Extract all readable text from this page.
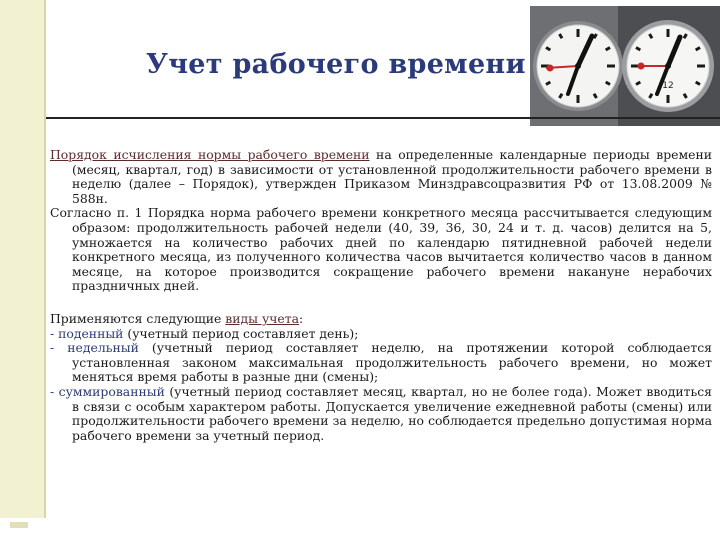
Учет рабочего времени
12

Порядок исчисления нормы рабочего времени на определенные календарные периоды времени (месяц, квартал, год) в зависимости от установленной продолжительности рабочего времени в неделю (далее – Порядок), утвержден Приказом Минздравсоцразвития РФ от 13.08.2009 № 588н.

Согласно п. 1 Порядка норма рабочего времени конкретного месяца рассчитывается следующим образом: продолжительность рабочей недели (40, 39, 36, 30, 24 и т. д. часов) делится на 5, умножается на количество рабочих дней по календарю пятидневной рабочей недели конкретного месяца, из полученного количества часов вычитается количество часов в данном месяце, на которое производится сокращение рабочего времени накануне нерабочих праздничных дней.

Применяются следующие виды учета:

- поденный (учетный период составляет день);

- недельный (учетный период составляет неделю, на протяжении которой соблюдается установленная законом максимальная продолжительность рабочего времени, но может меняться время работы в разные дни (смены);

- суммированный (учетный период составляет месяц, квартал, но не более года). Может вводиться в связи с особым характером работы. Допускается увеличение ежедневной работы (смены) или продолжительности рабочего времени за неделю, но соблюдается предельно допустимая норма рабочего времени за учетный период.
